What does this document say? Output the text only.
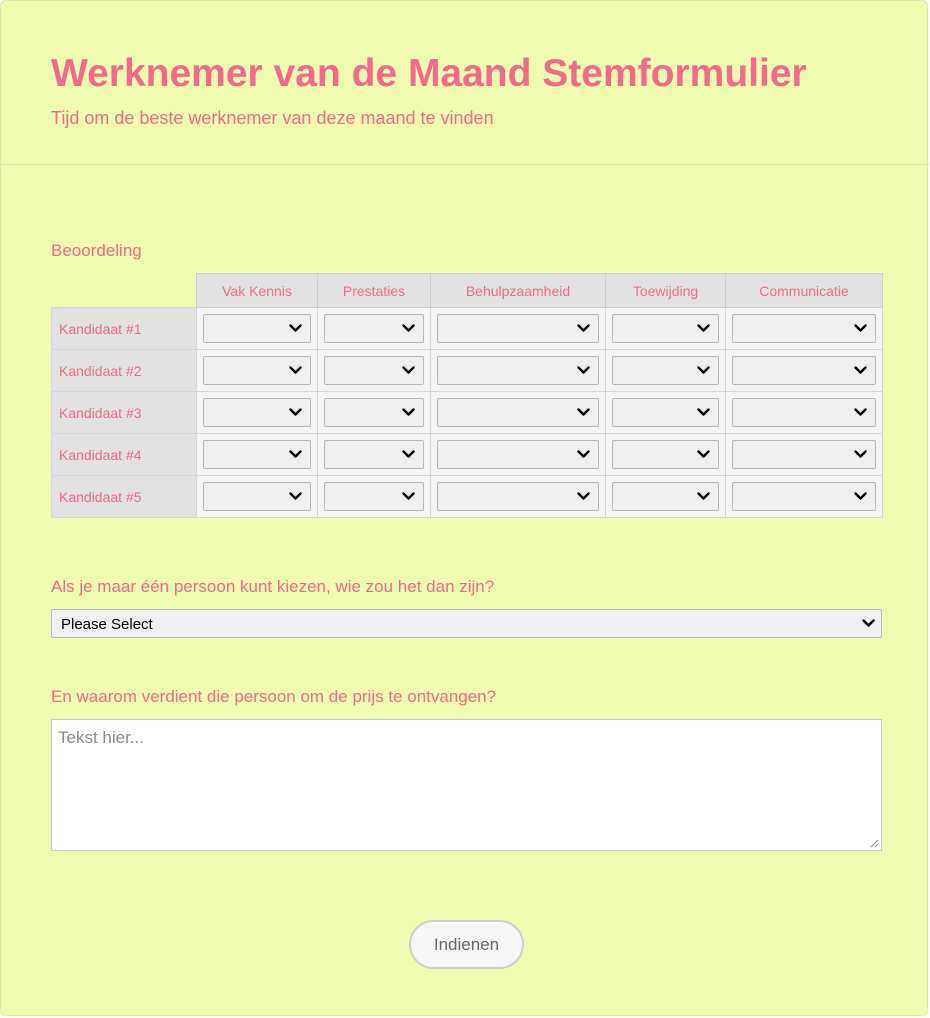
Werknemer van de Maand Stemformulier
Tijd om de beste werknemer van deze maand te vinden
Beoordeling
	Vak Kennis	Prestaties	Behulpzaamheid	Toewijding	Communicatie
Kandidaat #1	

Kandidaat #2	

Kandidaat #3	

Kandidaat #4	

Kandidaat #5	

Als je maar één persoon kunt kiezen, wie zou het dan zijn?
Please Select
En waarom verdient die persoon om de prijs te ontvangen?
Tekst hier...
Indienen
